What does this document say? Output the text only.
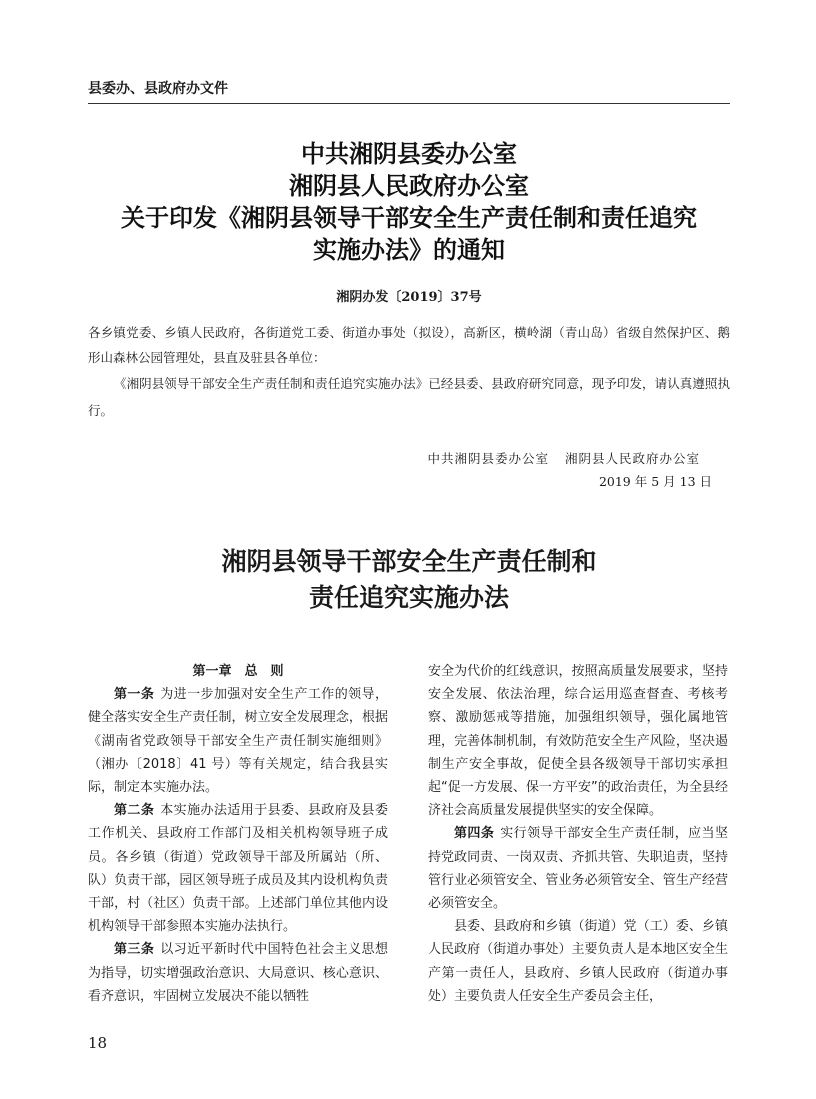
县委办、县政府办文件
中共湘阴县委办公室
湘阴县人民政府办公室
关于印发《湘阴县领导干部安全生产责任制和责任追究
实施办法》的通知
湘阴办发〔2019〕37号
各乡镇党委、乡镇人民政府，各街道党工委、街道办事处（拟设），高新区，横岭湖（青山岛）省级自然保护区、鹅形山森林公园管理处，县直及驻县各单位：
《湘阴县领导干部安全生产责任制和责任追究实施办法》已经县委、县政府研究同意，现予印发，请认真遵照执行。
中共湘阴县委办公室 湘阴县人民政府办公室
2019 年 5 月 13 日
湘阴县领导干部安全生产责任制和
责任追究实施办法

第一章　总　则

第一条 为进一步加强对安全生产工作的领导，健全落实安全生产责任制，树立安全发展理念，根据《湖南省党政领导干部安全生产责任制实施细则》（湘办〔2018〕41 号）等有关规定，结合我县实际，制定本实施办法。

第二条 本实施办法适用于县委、县政府及县委工作机关、县政府工作部门及相关机构领导班子成员。各乡镇（街道）党政领导干部及所属站（所、队）负责干部，园区领导班子成员及其内设机构负责干部，村（社区）负责干部。上述部门单位其他内设机构领导干部参照本实施办法执行。

第三条 以习近平新时代中国特色社会主义思想为指导，切实增强政治意识、大局意识、核心意识、看齐意识，牢固树立发展决不能以牺牲

安全为代价的红线意识，按照高质量发展要求，坚持安全发展、依法治理，综合运用巡查督查、考核考察、激励惩戒等措施，加强组织领导，强化属地管理，完善体制机制，有效防范安全生产风险，坚决遏制生产安全事故，促使全县各级领导干部切实承担起“促一方发展、保一方平安”的政治责任，为全县经济社会高质量发展提供坚实的安全保障。

第四条 实行领导干部安全生产责任制，应当坚持党政同责、一岗双责、齐抓共管、失职追责，坚持管行业必须管安全、管业务必须管安全、管生产经营必须管安全。

县委、县政府和乡镇（街道）党（工）委、乡镇人民政府（街道办事处）主要负责人是本地区安全生产第一责任人，县政府、乡镇人民政府（街道办事处）主要负责人任安全生产委员会主任，

18
